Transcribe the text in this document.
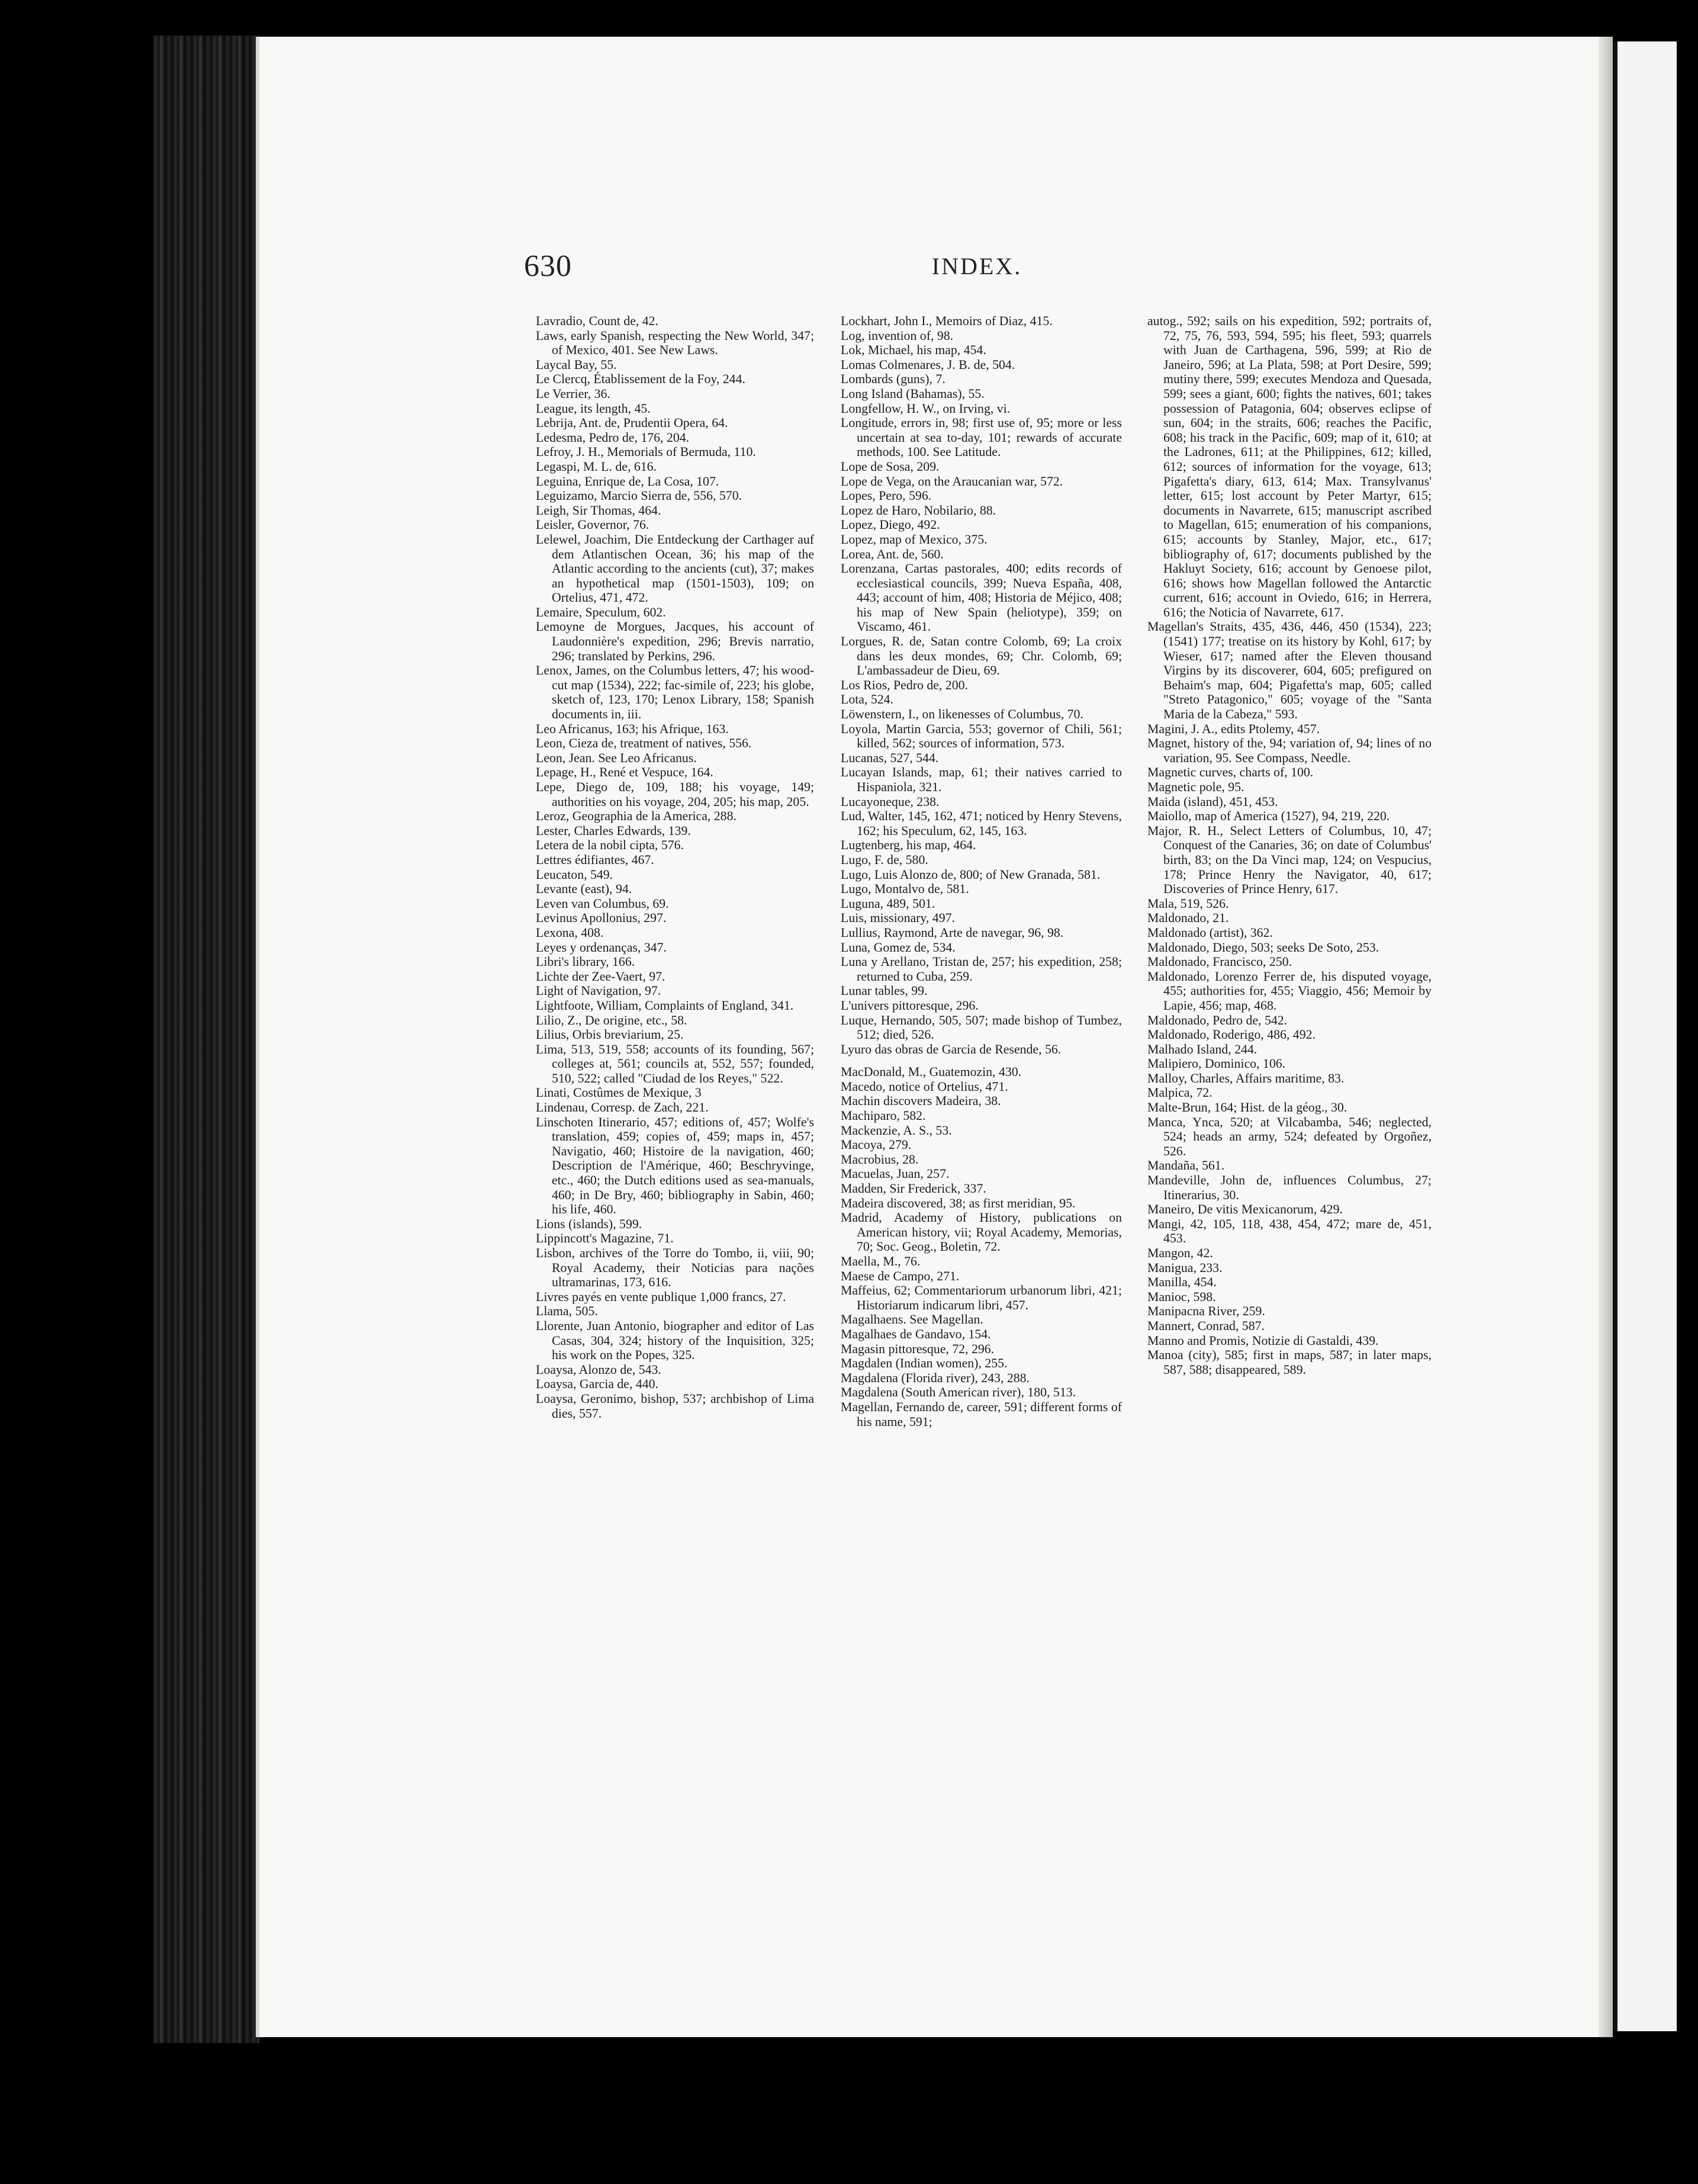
630	INDEX.

Lavradio, Count de, 42.

Laws, early Spanish, respecting the New World, 347; of Mexico, 401. See New Laws.

Laycal Bay, 55.

Le Clercq, Établissement de la Foy, 244.

Le Verrier, 36.

League, its length, 45.

Lebrija, Ant. de, Prudentii Opera, 64.

Ledesma, Pedro de, 176, 204.

Lefroy, J. H., Memorials of Bermuda, 110.

Legaspi, M. L. de, 616.

Leguina, Enrique de, La Cosa, 107.

Leguizamo, Marcio Sierra de, 556, 570.

Leigh, Sir Thomas, 464.

Leisler, Governor, 76.

Lelewel, Joachim, Die Entdeckung der Carthager auf dem Atlantischen Ocean, 36; his map of the Atlantic according to the ancients (cut), 37; makes an hypothetical map (1501-1503), 109; on Ortelius, 471, 472.

Lemaire, Speculum, 602.

Lemoyne de Morgues, Jacques, his account of Laudonnière's expedition, 296; Brevis narratio, 296; translated by Perkins, 296.

Lenox, James, on the Columbus letters, 47; his wood-cut map (1534), 222; fac-simile of, 223; his globe, sketch of, 123, 170; Lenox Library, 158; Spanish documents in, iii.

Leo Africanus, 163; his Afrique, 163.

Leon, Cieza de, treatment of natives, 556.

Leon, Jean. See Leo Africanus.

Lepage, H., René et Vespuce, 164.

Lepe, Diego de, 109, 188; his voyage, 149; authorities on his voyage, 204, 205; his map, 205.

Leroz, Geographia de la America, 288.

Lester, Charles Edwards, 139.

Letera de la nobil cipta, 576.

Lettres édifiantes, 467.

Leucaton, 549.

Levante (east), 94.

Leven van Columbus, 69.

Levinus Apollonius, 297.

Lexona, 408.

Leyes y ordenanças, 347.

Libri's library, 166.

Lichte der Zee-Vaert, 97.

Light of Navigation, 97.

Lightfoote, William, Complaints of England, 341.

Lilio, Z., De origine, etc., 58.

Lilius, Orbis breviarium, 25.

Lima, 513, 519, 558; accounts of its founding, 567; colleges at, 561; councils at, 552, 557; founded, 510, 522; called "Ciudad de los Reyes," 522.

Linati, Costûmes de Mexique, 3

Lindenau, Corresp. de Zach, 221.

Linschoten Itinerario, 457; editions of, 457; Wolfe's translation, 459; copies of, 459; maps in, 457; Navigatio, 460; Histoire de la navigation, 460; Description de l'Amérique, 460; Beschryvinge, etc., 460; the Dutch editions used as sea-manuals, 460; in De Bry, 460; bibliography in Sabin, 460; his life, 460.

Lions (islands), 599.

Lippincott's Magazine, 71.

Lisbon, archives of the Torre do Tombo, ii, viii, 90; Royal Academy, their Noticias para nações ultramarinas, 173, 616.

Livres payés en vente publique 1,000 francs, 27.

Llama, 505.

Llorente, Juan Antonio, biographer and editor of Las Casas, 304, 324; history of the Inquisition, 325; his work on the Popes, 325.

Loaysa, Alonzo de, 543.

Loaysa, Garcia de, 440.

Loaysa, Geronimo, bishop, 537; archbishop of Lima dies, 557.

Lockhart, John I., Memoirs of Diaz, 415.

Log, invention of, 98.

Lok, Michael, his map, 454.

Lomas Colmenares, J. B. de, 504.

Lombards (guns), 7.

Long Island (Bahamas), 55.

Longfellow, H. W., on Irving, vi.

Longitude, errors in, 98; first use of, 95; more or less uncertain at sea to-day, 101; rewards of accurate methods, 100. See Latitude.

Lope de Sosa, 209.

Lope de Vega, on the Araucanian war, 572.

Lopes, Pero, 596.

Lopez de Haro, Nobilario, 88.

Lopez, Diego, 492.

Lopez, map of Mexico, 375.

Lorea, Ant. de, 560.

Lorenzana, Cartas pastorales, 400; edits records of ecclesiastical councils, 399; Nueva España, 408, 443; account of him, 408; Historia de Méjico, 408; his map of New Spain (heliotype), 359; on Viscamo, 461.

Lorgues, R. de, Satan contre Colomb, 69; La croix dans les deux mondes, 69; Chr. Colomb, 69; L'ambassadeur de Dieu, 69.

Los Rios, Pedro de, 200.

Lota, 524.

Löwenstern, I., on likenesses of Columbus, 70.

Loyola, Martin Garcia, 553; governor of Chili, 561; killed, 562; sources of information, 573.

Lucanas, 527, 544.

Lucayan Islands, map, 61; their natives carried to Hispaniola, 321.

Lucayoneque, 238.

Lud, Walter, 145, 162, 471; noticed by Henry Stevens, 162; his Speculum, 62, 145, 163.

Lugtenberg, his map, 464.

Lugo, F. de, 580.

Lugo, Luis Alonzo de, 800; of New Granada, 581.

Lugo, Montalvo de, 581.

Luguna, 489, 501.

Luis, missionary, 497.

Lullius, Raymond, Arte de navegar, 96, 98.

Luna, Gomez de, 534.

Luna y Arellano, Tristan de, 257; his expedition, 258; returned to Cuba, 259.

Lunar tables, 99.

L'univers pittoresque, 296.

Luque, Hernando, 505, 507; made bishop of Tumbez, 512; died, 526.

Lyuro das obras de Garcia de Resende, 56.

MacDonald, M., Guatemozin, 430.

Macedo, notice of Ortelius, 471.

Machin discovers Madeira, 38.

Machiparo, 582.

Mackenzie, A. S., 53.

Macoya, 279.

Macrobius, 28.

Macuelas, Juan, 257.

Madden, Sir Frederick, 337.

Madeira discovered, 38; as first meridian, 95.

Madrid, Academy of History, publications on American history, vii; Royal Academy, Memorias, 70; Soc. Geog., Boletin, 72.

Maella, M., 76.

Maese de Campo, 271.

Maffeius, 62; Commentariorum urbanorum libri, 421; Historiarum indicarum libri, 457.

Magalhaens. See Magellan.

Magalhaes de Gandavo, 154.

Magasin pittoresque, 72, 296.

Magdalen (Indian women), 255.

Magdalena (Florida river), 243, 288.

Magdalena (South American river), 180, 513.

Magellan, Fernando de, career, 591; different forms of his name, 591;

autog., 592; sails on his expedition, 592; portraits of, 72, 75, 76, 593, 594, 595; his fleet, 593; quarrels with Juan de Carthagena, 596, 599; at Rio de Janeiro, 596; at La Plata, 598; at Port Desire, 599; mutiny there, 599; executes Mendoza and Quesada, 599; sees a giant, 600; fights the natives, 601; takes possession of Patagonia, 604; observes eclipse of sun, 604; in the straits, 606; reaches the Pacific, 608; his track in the Pacific, 609; map of it, 610; at the Ladrones, 611; at the Philippines, 612; killed, 612; sources of information for the voyage, 613; Pigafetta's diary, 613, 614; Max. Transylvanus' letter, 615; lost account by Peter Martyr, 615; documents in Navarrete, 615; manuscript ascribed to Magellan, 615; enumeration of his companions, 615; accounts by Stanley, Major, etc., 617; bibliography of, 617; documents published by the Hakluyt Society, 616; account by Genoese pilot, 616; shows how Magellan followed the Antarctic current, 616; account in Oviedo, 616; in Herrera, 616; the Noticia of Navarrete, 617.

Magellan's Straits, 435, 436, 446, 450 (1534), 223; (1541) 177; treatise on its history by Kohl, 617; by Wieser, 617; named after the Eleven thousand Virgins by its discoverer, 604, 605; prefigured on Behaim's map, 604; Pigafetta's map, 605; called "Streto Patagonico," 605; voyage of the "Santa Maria de la Cabeza," 593.

Magini, J. A., edits Ptolemy, 457.

Magnet, history of the, 94; variation of, 94; lines of no variation, 95. See Compass, Needle.

Magnetic curves, charts of, 100.

Magnetic pole, 95.

Maida (island), 451, 453.

Maiollo, map of America (1527), 94, 219, 220.

Major, R. H., Select Letters of Columbus, 10, 47; Conquest of the Canaries, 36; on date of Columbus' birth, 83; on the Da Vinci map, 124; on Vespucius, 178; Prince Henry the Navigator, 40, 617; Discoveries of Prince Henry, 617.

Mala, 519, 526.

Maldonado, 21.

Maldonado (artist), 362.

Maldonado, Diego, 503; seeks De Soto, 253.

Maldonado, Francisco, 250.

Maldonado, Lorenzo Ferrer de, his disputed voyage, 455; authorities for, 455; Viaggio, 456; Memoir by Lapie, 456; map, 468.

Maldonado, Pedro de, 542.

Maldonado, Roderigo, 486, 492.

Malhado Island, 244.

Malipiero, Dominico, 106.

Malloy, Charles, Affairs maritime, 83.

Malpica, 72.

Malte-Brun, 164; Hist. de la géog., 30.

Manca, Ynca, 520; at Vilcabamba, 546; neglected, 524; heads an army, 524; defeated by Orgoñez, 526.

Mandaña, 561.

Mandeville, John de, influences Columbus, 27; Itinerarius, 30.

Maneiro, De vitis Mexicanorum, 429.

Mangi, 42, 105, 118, 438, 454, 472; mare de, 451, 453.

Mangon, 42.

Manigua, 233.

Manilla, 454.

Manioc, 598.

Manipacna River, 259.

Mannert, Conrad, 587.

Manno and Promis, Notizie di Gastaldi, 439.

Manoa (city), 585; first in maps, 587; in later maps, 587, 588; disappeared, 589.
